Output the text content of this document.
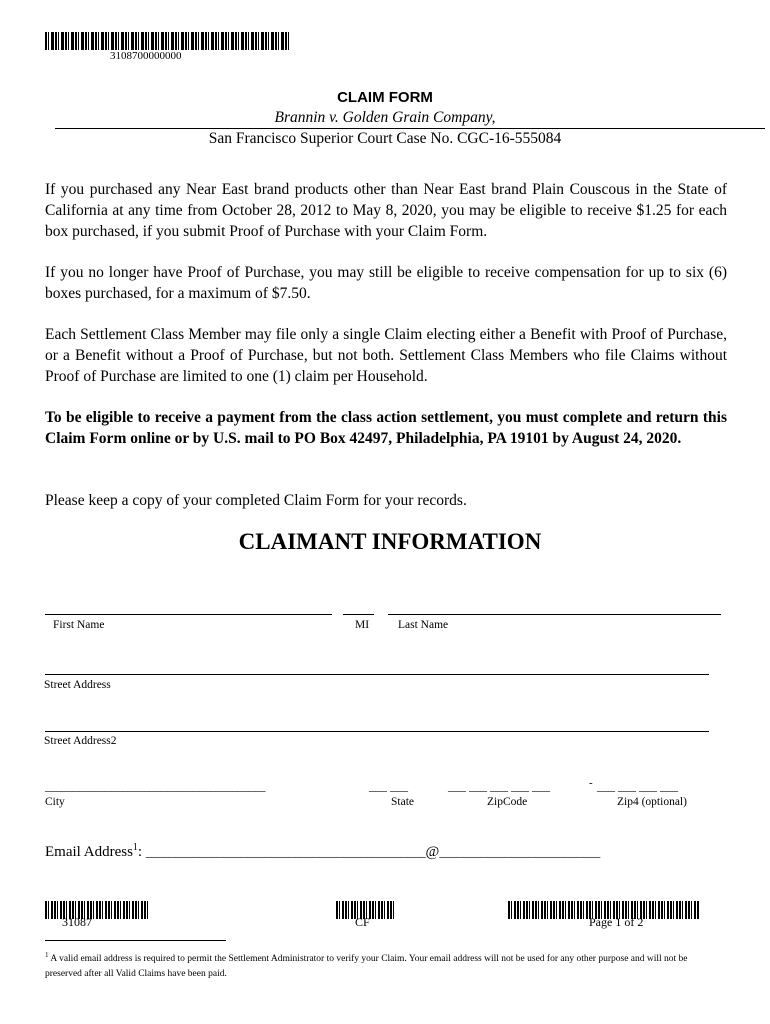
3108700000000
CLAIM FORM
Brannin v. Golden Grain Company,
San Francisco Superior Court Case No. CGC-16-555084
If you purchased any Near East brand products other than Near East brand Plain Couscous in the State of California at any time from October 28, 2012 to May 8, 2020, you may be eligible to receive $1.25 for each box purchased, if you submit Proof of Purchase with your Claim Form.
If you no longer have Proof of Purchase, you may still be eligible to receive compensation for up to six (6) boxes purchased, for a maximum of $7.50.
Each Settlement Class Member may file only a single Claim electing either a Benefit with Proof of Purchase, or a Benefit without a Proof of Purchase, but not both. Settlement Class Members who file Claims without Proof of Purchase are limited to one (1) claim per Household.
To be eligible to receive a payment from the class action settlement, you must complete and return this Claim Form online or by U.S. mail to PO Box 42497, Philadelphia, PA 19101 by August 24, 2020.
Please keep a copy of your completed Claim Form for your records.
CLAIMANT INFORMATION
First Name	MI	Last Name
Street Address
Street Address2
________________________________________	___ ___	___ ___ ___ ___ ___	- ___ ___ ___ ___
City	State	ZipCode	Zip4 (optional)
Email Address$^1$: _______________________________________________@___________________________
31087	CF	Page 1 of 2
$^1$ A valid email address is required to permit the Settlement Administrator to verify your Claim. Your email address will not be used for any other purpose and will not be preserved after all Valid Claims have been paid.
